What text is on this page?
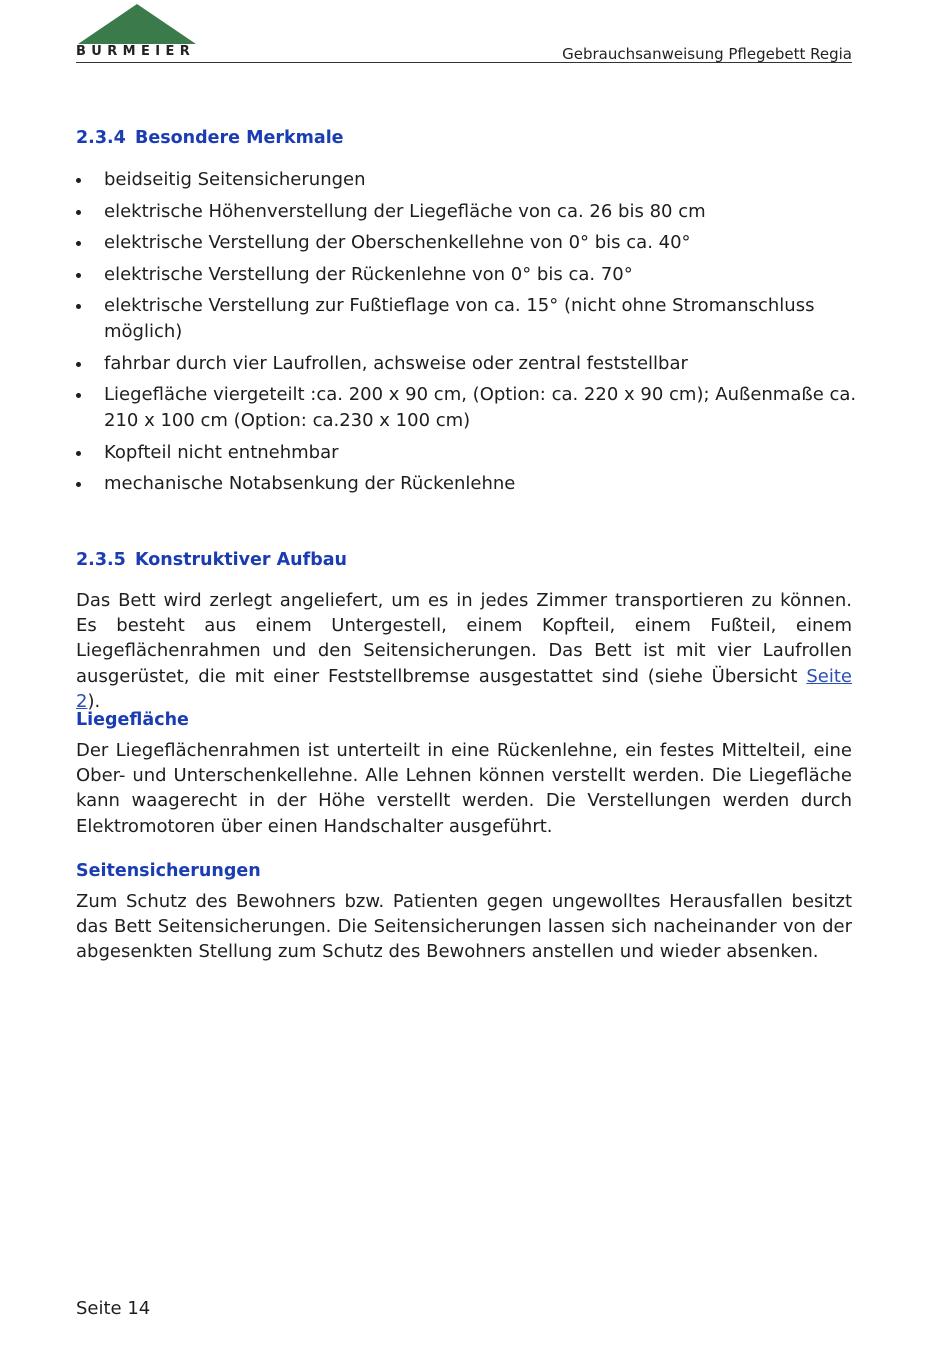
BURMEIER	Gebrauchsanweisung Pflegebett Regia
2.3.4 Besondere Merkmale
beidseitig Seitensicherungen
elektrische Höhenverstellung der Liegefläche von ca. 26 bis 80 cm
elektrische Verstellung der Oberschenkellehne von 0° bis ca. 40°
elektrische Verstellung der Rückenlehne von 0° bis ca. 70°
elektrische Verstellung zur Fußtieflage von ca. 15° (nicht ohne Stromanschluss möglich)
fahrbar durch vier Laufrollen, achsweise oder zentral feststellbar
Liegefläche viergeteilt :ca. 200 x 90 cm, (Option: ca. 220 x 90 cm); Außenmaße ca. 210 x 100 cm (Option: ca.230 x 100 cm)
Kopfteil nicht entnehmbar
mechanische Notabsenkung der Rückenlehne
2.3.5 Konstruktiver Aufbau

Das Bett wird zerlegt angeliefert, um es in jedes Zimmer transportieren zu können. Es besteht aus einem Untergestell, einem Kopfteil, einem Fußteil, einem Liegeflächenrahmen und den Seitensicherungen. Das Bett ist mit vier Laufrollen ausgerüstet, die mit einer Feststellbremse ausgestattet sind (siehe Übersicht Seite 2).

Liegefläche

Der Liegeflächenrahmen ist unterteilt in eine Rückenlehne, ein festes Mittelteil, eine Ober- und Unterschenkellehne. Alle Lehnen können verstellt werden. Die Liegefläche kann waagerecht in der Höhe verstellt werden. Die Verstellungen werden durch Elektromotoren über einen Handschalter ausgeführt.

Seitensicherungen

Zum Schutz des Bewohners bzw. Patienten gegen ungewolltes Herausfallen besitzt das Bett Seitensicherungen. Die Seitensicherungen lassen sich nacheinander von der abgesenkten Stellung zum Schutz des Bewohners anstellen und wieder absenken.

Seite 14
